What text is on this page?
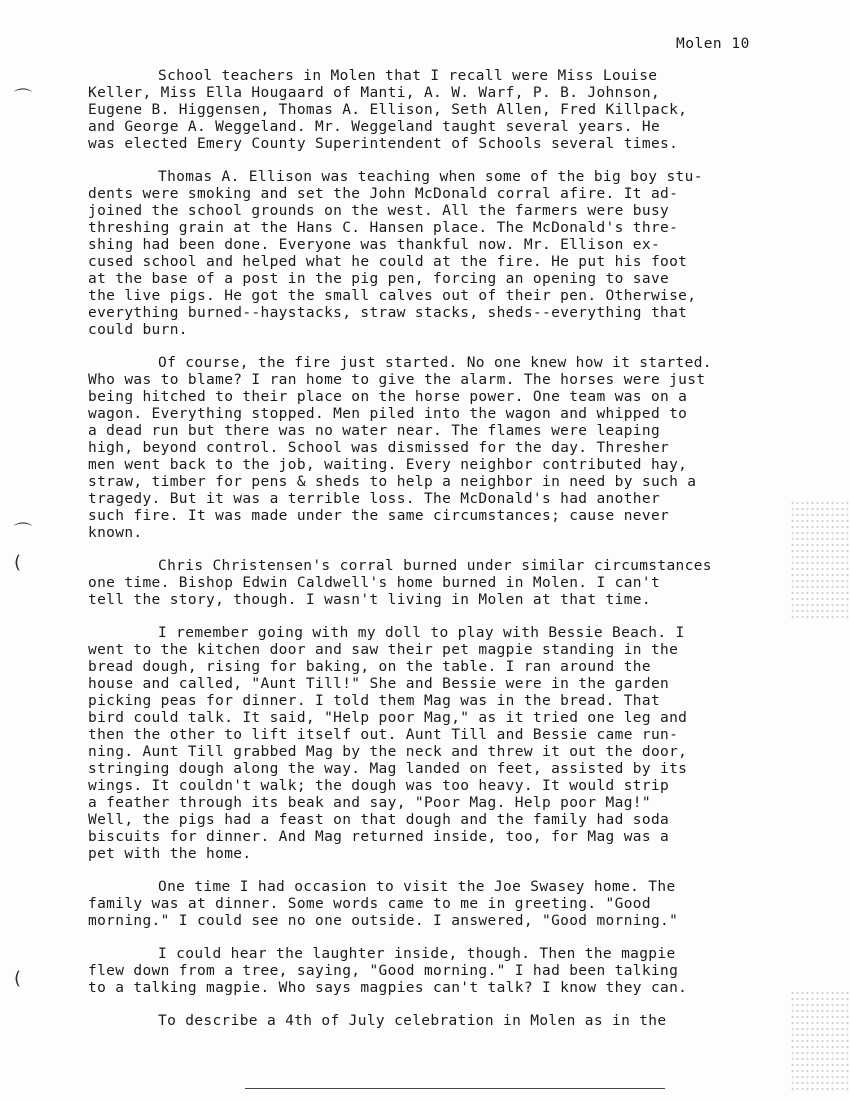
Molen 10
⌒
⌒
(
(
School teachers in Molen that I recall were Miss Louise
Keller, Miss Ella Hougaard of Manti, A. W. Warf, P. B. Johnson,
Eugene B. Higgensen, Thomas A. Ellison, Seth Allen, Fred Killpack,
and George A. Weggeland. Mr. Weggeland taught several years. He
was elected Emery County Superintendent of Schools several times.
Thomas A. Ellison was teaching when some of the big boy stu-
dents were smoking and set the John McDonald corral afire. It ad-
joined the school grounds on the west. All the farmers were busy
threshing grain at the Hans C. Hansen place. The McDonald's thre-
shing had been done. Everyone was thankful now. Mr. Ellison ex-
cused school and helped what he could at the fire. He put his foot
at the base of a post in the pig pen, forcing an opening to save
the live pigs. He got the small calves out of their pen. Otherwise,
everything burned--haystacks, straw stacks, sheds--everything that
could burn.
Of course, the fire just started. No one knew how it started.
Who was to blame? I ran home to give the alarm. The horses were just
being hitched to their place on the horse power. One team was on a
wagon. Everything stopped. Men piled into the wagon and whipped to
a dead run but there was no water near. The flames were leaping
high, beyond control. School was dismissed for the day. Thresher
men went back to the job, waiting. Every neighbor contributed hay,
straw, timber for pens & sheds to help a neighbor in need by such a
tragedy. But it was a terrible loss. The McDonald's had another
such fire. It was made under the same circumstances; cause never
known.
Chris Christensen's corral burned under similar circumstances
one time. Bishop Edwin Caldwell's home burned in Molen. I can't
tell the story, though. I wasn't living in Molen at that time.
I remember going with my doll to play with Bessie Beach. I
went to the kitchen door and saw their pet magpie standing in the
bread dough, rising for baking, on the table. I ran around the
house and called, "Aunt Till!" She and Bessie were in the garden
picking peas for dinner. I told them Mag was in the bread. That
bird could talk. It said, "Help poor Mag," as it tried one leg and
then the other to lift itself out. Aunt Till and Bessie came run-
ning. Aunt Till grabbed Mag by the neck and threw it out the door,
stringing dough along the way. Mag landed on feet, assisted by its
wings. It couldn't walk; the dough was too heavy. It would strip
a feather through its beak and say, "Poor Mag. Help poor Mag!"
Well, the pigs had a feast on that dough and the family had soda
biscuits for dinner. And Mag returned inside, too, for Mag was a
pet with the home.
One time I had occasion to visit the Joe Swasey home. The
family was at dinner. Some words came to me in greeting. "Good
morning." I could see no one outside. I answered, "Good morning."
I could hear the laughter inside, though. Then the magpie
flew down from a tree, saying, "Good morning." I had been talking
to a talking magpie. Who says magpies can't talk? I know they can.
To describe a 4th of July celebration in Molen as in the
